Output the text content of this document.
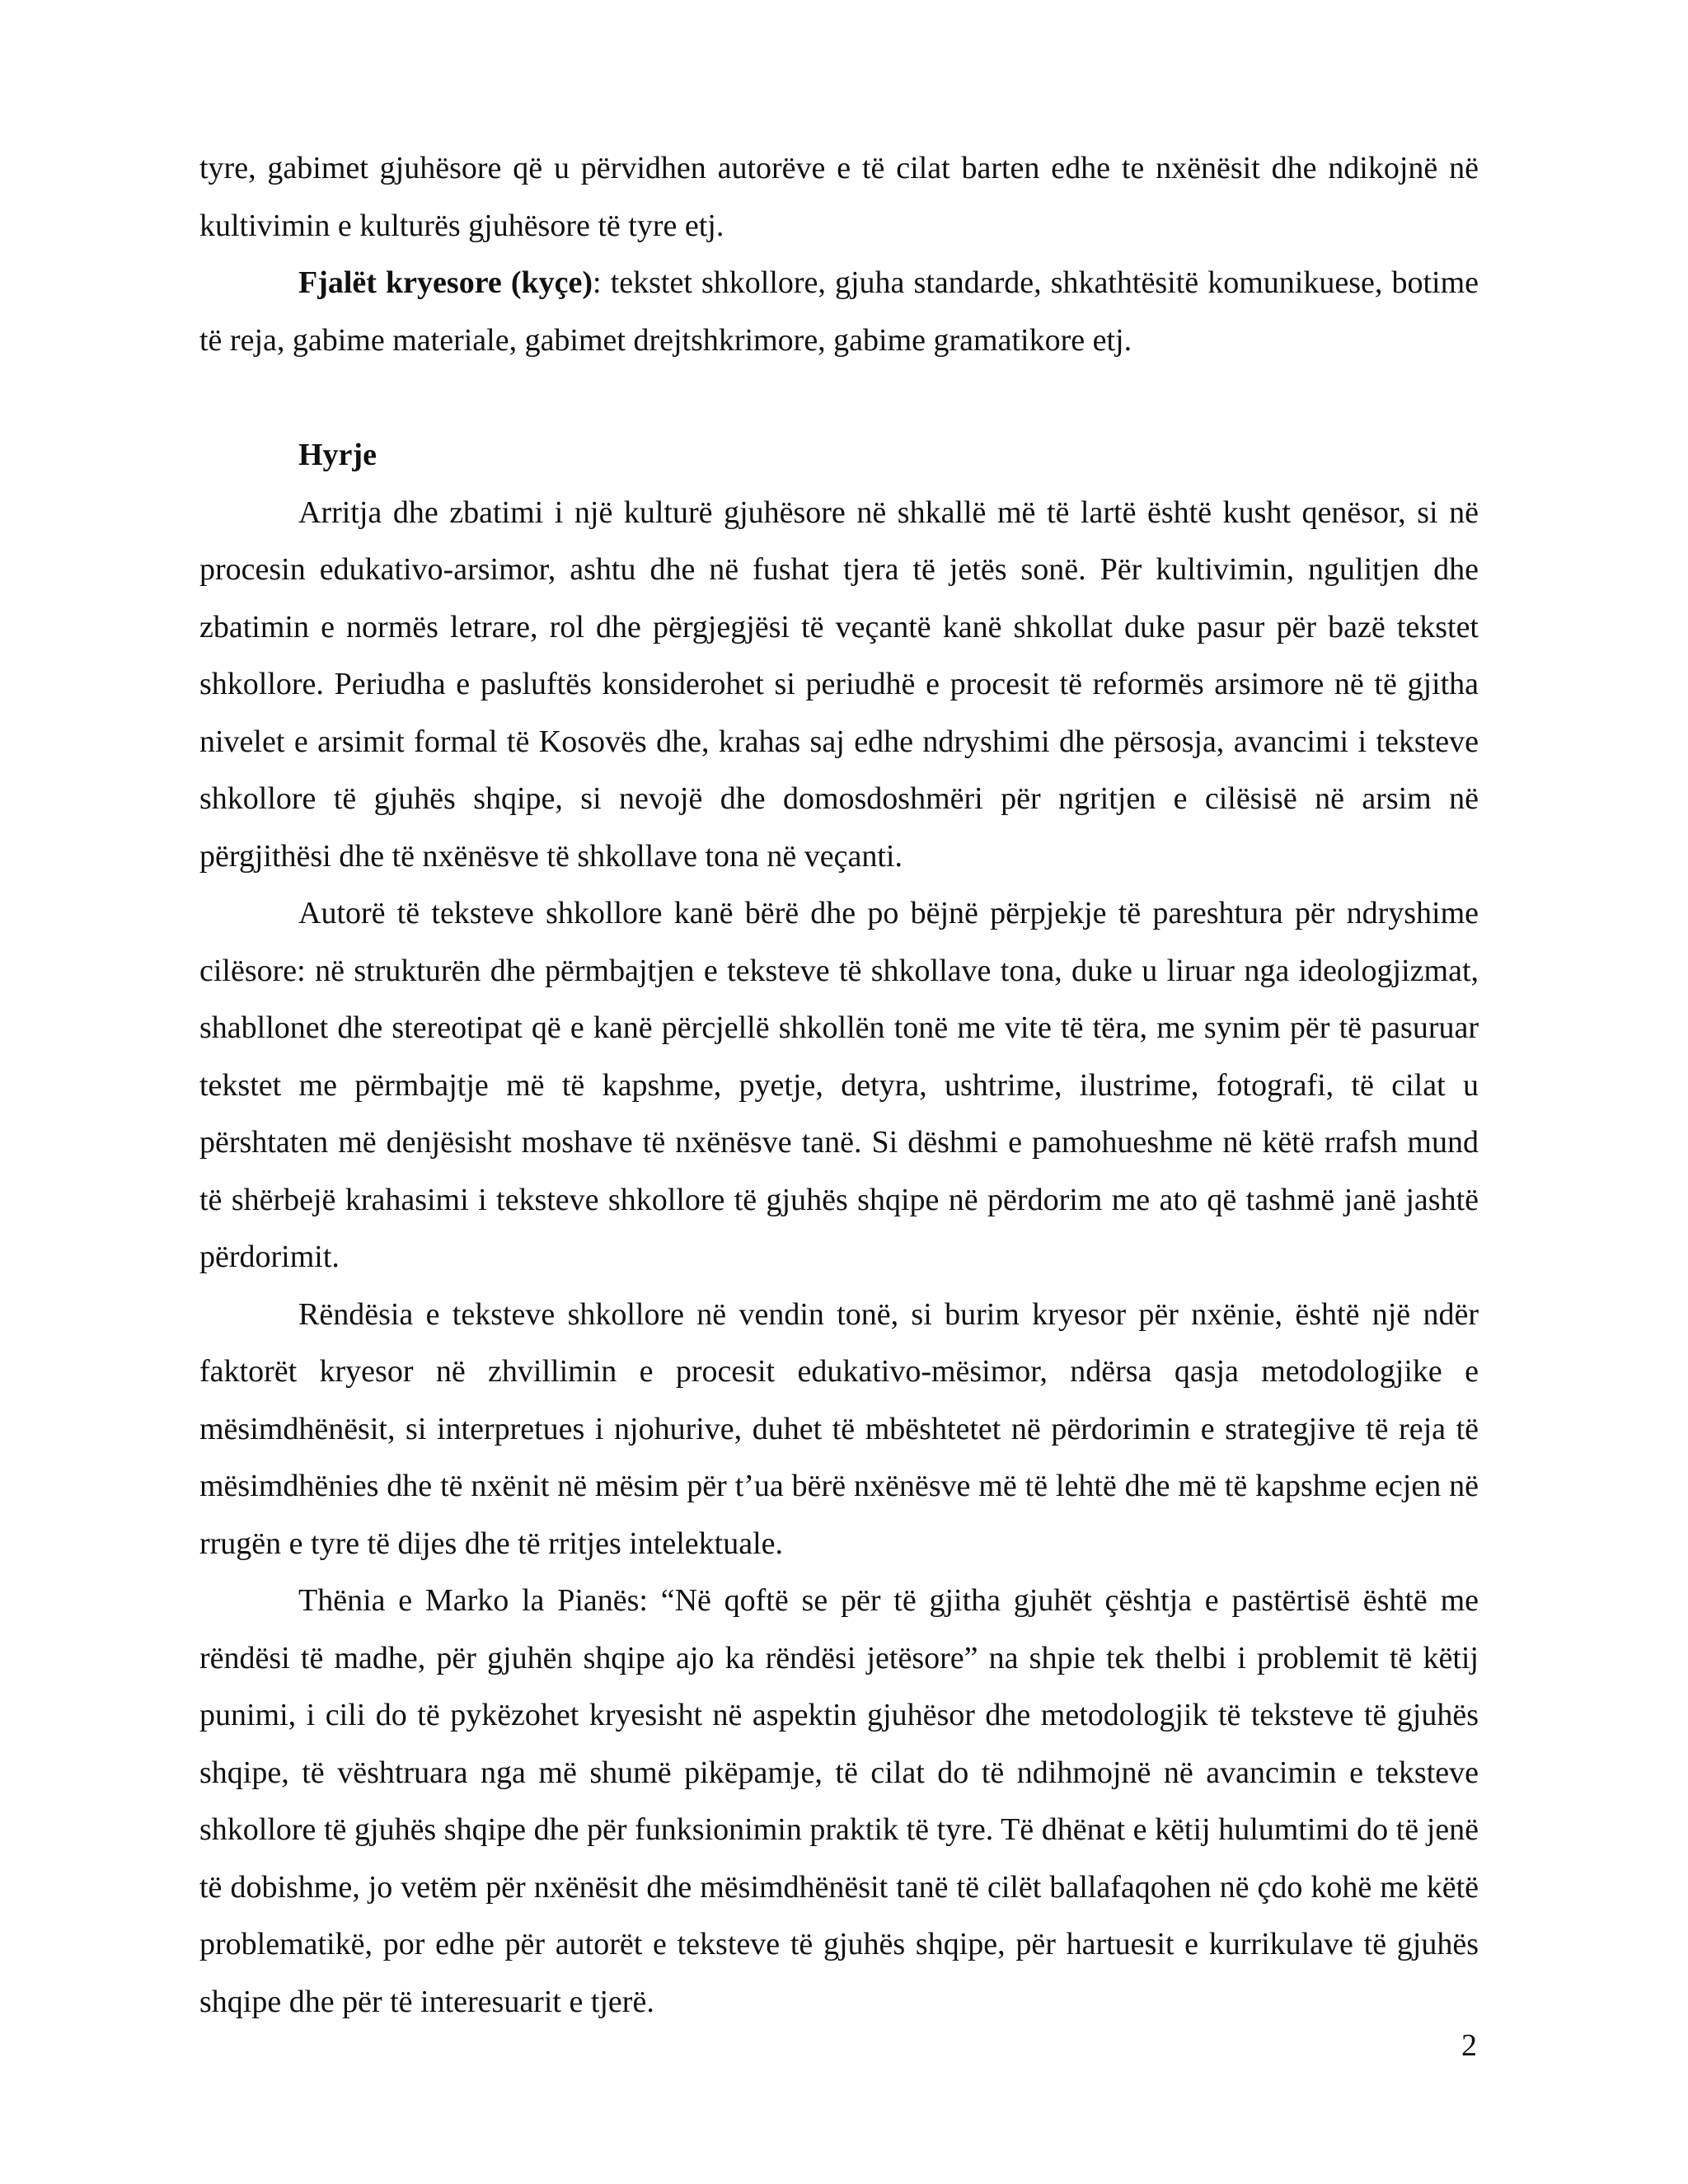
tyre, gabimet gjuhësore që u përvidhen autorëve e të cilat barten edhe te nxënësit dhe ndikojnë në kultivimin e kulturës gjuhësore të tyre etj.

Fjalët kryesore (kyçe): tekstet shkollore, gjuha standarde, shkathtësitë komunikuese, botime të reja, gabime materiale, gabimet drejtshkrimore, gabime gramatikore etj.

Hyrje

Arritja dhe zbatimi i një kulturë gjuhësore në shkallë më të lartë është kusht qenësor, si në procesin edukativo-arsimor, ashtu dhe në fushat tjera të jetës sonë. Për kultivimin, ngulitjen dhe zbatimin e normës letrare, rol dhe përgjegjësi të veçantë kanë shkollat duke pasur për bazë tekstet shkollore. Periudha e pasluftës konsiderohet si periudhë e procesit të reformës arsimore në të gjitha nivelet e arsimit formal të Kosovës dhe, krahas saj edhe ndryshimi dhe përsosja, avancimi i teksteve shkollore të gjuhës shqipe, si nevojë dhe domosdoshmëri për ngritjen e cilësisë në arsim në përgjithësi dhe të nxënësve të shkollave tona në veçanti.

Autorë të teksteve shkollore kanë bërë dhe po bëjnë përpjekje të pareshtura për ndryshime cilësore: në strukturën dhe përmbajtjen e teksteve të shkollave tona, duke u liruar nga ideologjizmat, shabllonet dhe stereotipat që e kanë përcjellë shkollën tonë me vite të tëra, me synim për të pasuruar tekstet me përmbajtje më të kapshme, pyetje, detyra, ushtrime, ilustrime, fotografi, të cilat u përshtaten më denjësisht moshave të nxënësve tanë. Si dëshmi e pamohueshme në këtë rrafsh mund të shërbejë krahasimi i teksteve shkollore të gjuhës shqipe në përdorim me ato që tashmë janë jashtë përdorimit.

Rëndësia e teksteve shkollore në vendin tonë, si burim kryesor për nxënie, është një ndër faktorët kryesor në zhvillimin e procesit edukativo-mësimor, ndërsa qasja metodologjike e mësimdhënësit, si interpretues i njohurive, duhet të mbështetet në përdorimin e strategjive të reja të mësimdhënies dhe të nxënit në mësim për t’ua bërë nxënësve më të lehtë dhe më të kapshme ecjen në rrugën e tyre të dijes dhe të rritjes intelektuale.

Thënia e Marko la Pianës: “Në qoftë se për të gjitha gjuhët çështja e pastërtisë është me rëndësi të madhe, për gjuhën shqipe ajo ka rëndësi jetësore” na shpie tek thelbi i problemit të këtij punimi, i cili do të pykëzohet kryesisht në aspektin gjuhësor dhe metodologjik të teksteve të gjuhës shqipe, të vështruara nga më shumë pikëpamje, të cilat do të ndihmojnë në avancimin e teksteve shkollore të gjuhës shqipe dhe për funksionimin praktik të tyre. Të dhënat e këtij hulumtimi do të jenë të dobishme, jo vetëm për nxënësit dhe mësimdhënësit tanë të cilët ballafaqohen në çdo kohë me këtë problematikë, por edhe për autorët e teksteve të gjuhës shqipe, për hartuesit e kurrikulave të gjuhës shqipe dhe për të interesuarit e tjerë.

2
